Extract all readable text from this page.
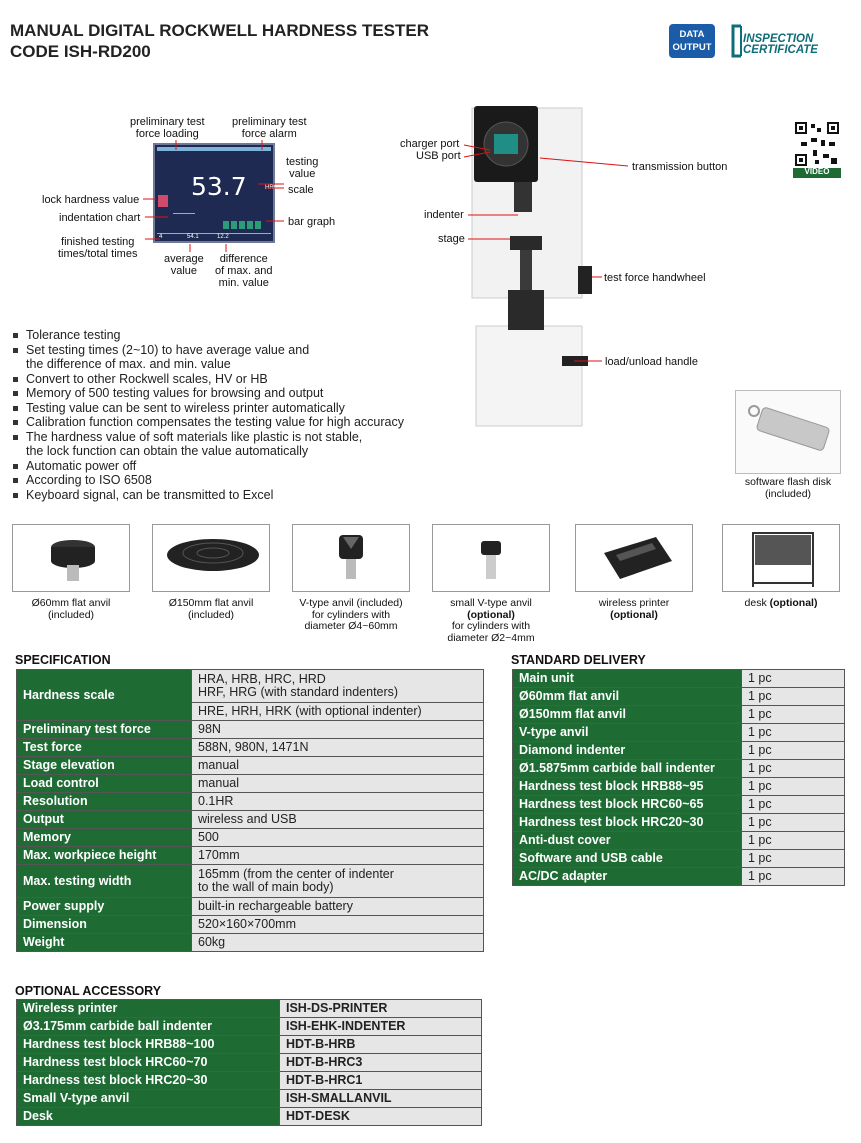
MANUAL DIGITAL ROCKWELL HARDNESS TESTER
CODE ISH-RD200
DATA
OUTPUT
INSPECTION
CERTIFICATE
preliminary test
force loading
preliminary test
force alarm
53.7	HRC
4	54.1	12.2
testing
value
scale
lock hardness value
indentation chart	bar graph
finished testing
times/total times average
value
difference
of max. and
min. value
charger port
USB port
transmission button
indenter
stage
test force handwheel
load/unload handle
VIDEO
software flash disk
(included)
Tolerance testing
Set testing times (2~10) to have average value and
the difference of max. and min. value
Convert to other Rockwell scales, HV or HB
Memory of 500 testing values for browsing and output
Testing value can be sent to wireless printer automatically
Calibration function compensates the testing value for high accuracy
The hardness value of soft materials like plastic is not stable,
the lock function can obtain the value automatically
Automatic power off
According to ISO 6508
Keyboard signal, can be transmitted to Excel
Ø60mm flat anvil
(included)
Ø150mm flat anvil
(included)
V-type anvil (included)
for cylinders with
diameter Ø4~60mm
small V-type anvil
(optional)
for cylinders with
diameter Ø2~4mm
wireless printer
(optional)
desk (optional)
SPECIFICATION
Hardness scale	HRA, HRB, HRC, HRD
HRF, HRG (with standard indenters)

	HRE, HRH, HRK (with optional indenter)
Preliminary test force	98N
Test force	588N, 980N, 1471N
Stage elevation	manual
Load control	manual
Resolution	0.1HR
Output	wireless and USB
Memory	500
Max. workpiece height	170mm
Max. testing width	165mm (from the center of indenter
to the wall of main body)

Power supply	built-in rechargeable battery
Dimension	520×160×700mm
Weight	60kg
STANDARD DELIVERY
Main unit	1 pc
Ø60mm flat anvil	1 pc
Ø150mm flat anvil	1 pc
V-type anvil	1 pc
Diamond indenter	1 pc
Ø1.5875mm carbide ball indenter	1 pc
Hardness test block HRB88~95	1 pc
Hardness test block HRC60~65	1 pc
Hardness test block HRC20~30	1 pc
Anti-dust cover	1 pc
Software and USB cable	1 pc
AC/DC adapter	1 pc
OPTIONAL ACCESSORY
Wireless printer	ISH-DS-PRINTER
Ø3.175mm carbide ball indenter	ISH-EHK-INDENTER
Hardness test block HRB88~100	HDT-B-HRB
Hardness test block HRC60~70	HDT-B-HRC3
Hardness test block HRC20~30	HDT-B-HRC1
Small V-type anvil	ISH-SMALLANVIL
Desk	HDT-DESK
